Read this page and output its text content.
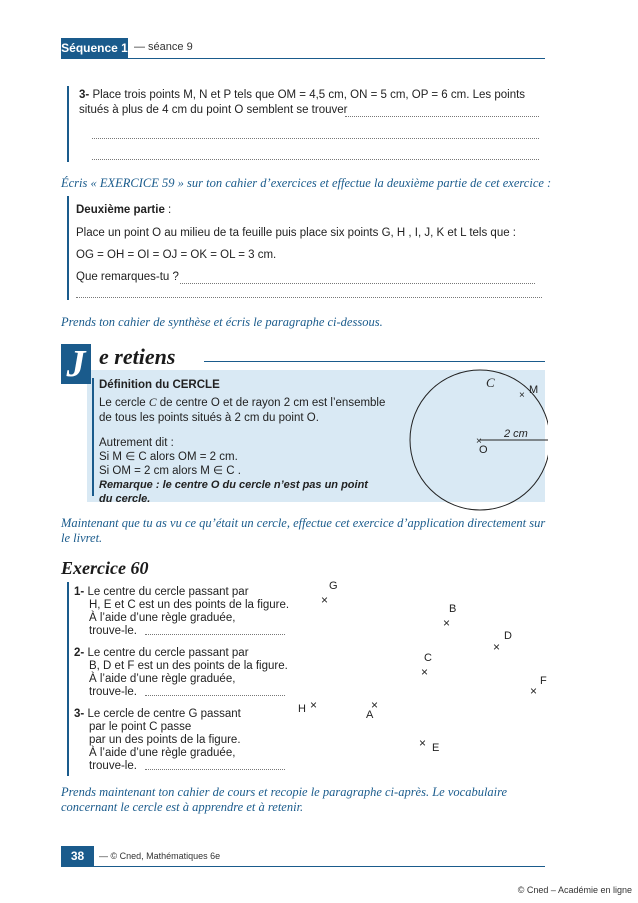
Séquence 1 — séance 9
3- Place trois points M, N et P tels que OM = 4,5 cm, ON = 5 cm, OP = 6 cm. Les points
situés à plus de 4 cm du point O semblent se trouver
Écris « EXERCICE 59 » sur ton cahier d’exercices et effectue la deuxième partie de cet exercice :
Deuxième partie :
Place un point O au milieu de ta feuille puis place six points G, H , I, J, K et L tels que :
OG = OH = OI = OJ = OK = OL = 3 cm.
Que remarques-tu ?
Prends ton cahier de synthèse et écris le paragraphe ci-dessous.
J e retiens
Définition du CERCLE
Le cercle C de centre O et de rayon 2 cm est l’ensemble
de tous les points situés à 2 cm du point O.
Autrement dit :
Si M ∈ C alors OM = 2 cm.
Si OM = 2 cm alors M ∈ C .
Remarque : le centre O du cercle n’est pas un point
du cercle.
×
×
C	M
2 cm
O
Maintenant que tu as vu ce qu’était un cercle, effectue cet exercice d’application directement sur le livret.
Exercice 60
1- Le centre du cercle passant par
H, E et C est un des points de la figure.
À l’aide d’une règle graduée,
trouve-le.
2- Le centre du cercle passant par
B, D et F est un des points de la figure.
À l’aide d’une règle graduée,
trouve-le.
3- Le cercle de centre G passant
par le point C passe
par un des points de la figure.
À l’aide d’une règle graduée,
trouve-le.
G
×
B
×
D
×
C
×
F
×
H ×	×
A
× E
Prends maintenant ton cahier de cours et recopie le paragraphe ci-après. Le vocabulaire concernant le cercle est à apprendre et à retenir.
38	— © Cned, Mathématiques 6e
© Cned – Académie en ligne
